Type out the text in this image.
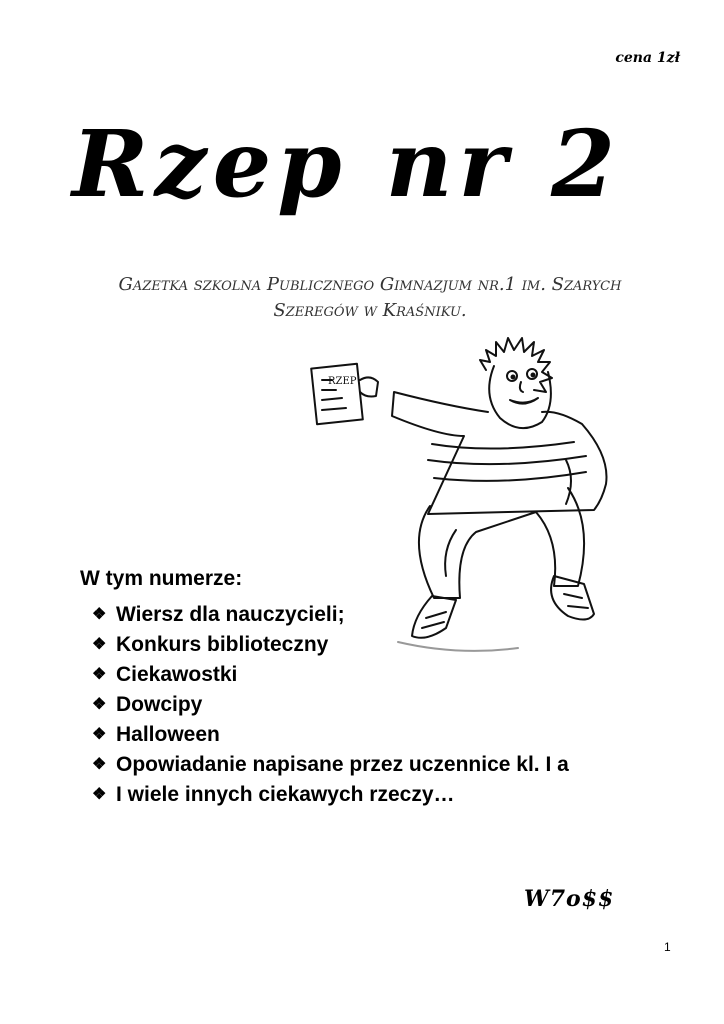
cena 1zł
Rzep nr 2
Gazetka szkolna Publicznego Gimnazjum nr.1 im. Szarych Szeregów w Kraśniku.
RZEP
W tym numerze:
❖ Wiersz dla nauczycieli;
❖ Konkurs biblioteczny
❖ Ciekawostki
❖ Dowcipy
❖ Halloween
❖ Opowiadanie napisane przez uczennice kl. I a
❖ I wiele innych ciekawych rzeczy…
W7o$$
1
